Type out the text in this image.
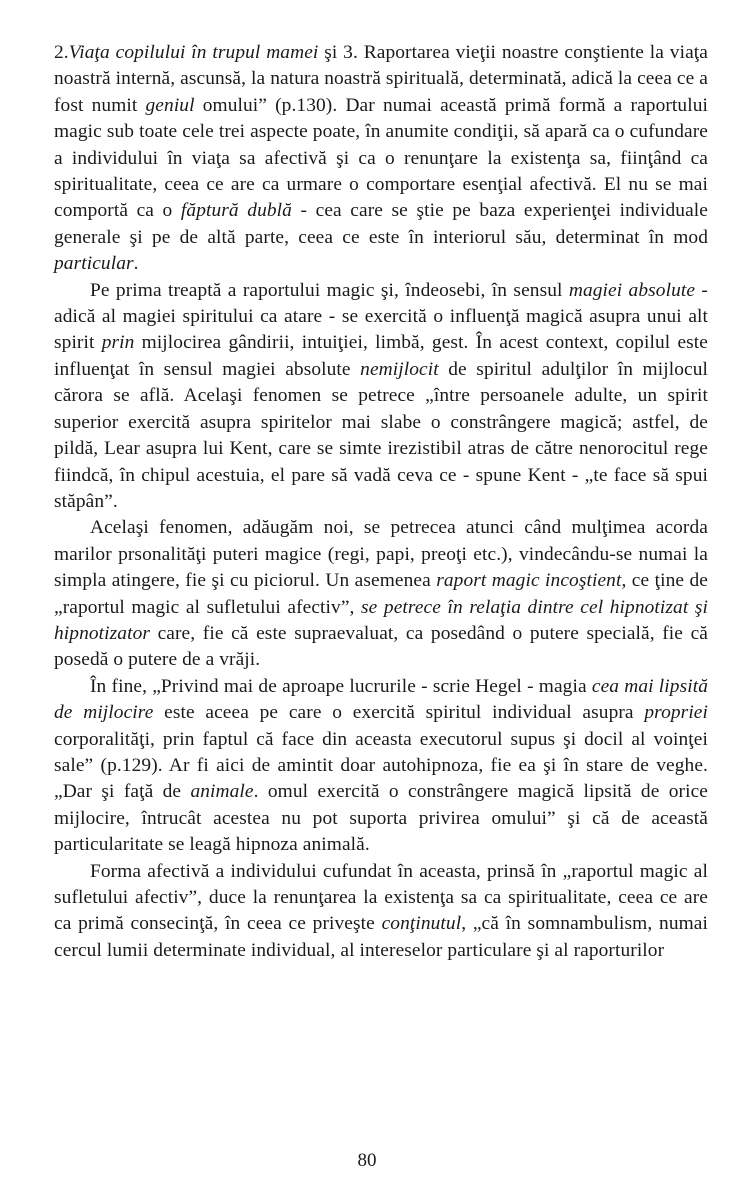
2.Viaţa copilului în trupul mamei şi 3. Raportarea vieţii noastre conştiente la viaţa noastră internă, ascunsă, la natura noastră spirituală, determinată, adică la ceea ce a fost numit geniul omului” (p.130). Dar numai această primă formă a raportului magic sub toate cele trei aspecte poate, în anumite condiţii, să apară ca o cufundare a individului în viaţa sa afectivă şi ca o renunţare la existenţa sa, fiinţând ca spiritualitate, ceea ce are ca urmare o comportare esenţial afectivă. El nu se mai comportă ca o făptură dublă - cea care se ştie pe baza experienţei individuale generale şi pe de altă parte, ceea ce este în interiorul său, determinat în mod particular.

Pe prima treaptă a raportului magic şi, îndeosebi, în sensul magiei absolute - adică al magiei spiritului ca atare - se exercită o influenţă magică asupra unui alt spirit prin mijlocirea gândirii, intuiţiei, limbă, gest. În acest context, copilul este influenţat în sensul magiei absolute nemijlocit de spiritul adulţilor în mijlocul cărora se află. Acelaşi fenomen se petrece „între persoanele adulte, un spirit superior exercită asupra spiritelor mai slabe o constrângere magică; astfel, de pildă, Lear asupra lui Kent, care se simte irezistibil atras de către nenorocitul rege fiindcă, în chipul acestuia, el pare să vadă ceva ce - spune Kent - „te face să spui stăpân”.

Acelaşi fenomen, adăugăm noi, se petrecea atunci când mulţimea acorda marilor prsonalităţi puteri magice (regi, papi, preoţi etc.), vindecându-se numai la simpla atingere, fie şi cu piciorul. Un asemenea raport magic incoştient, ce ţine de „raportul magic al sufletului afectiv”, se petrece în relaţia dintre cel hipnotizat şi hipnotizator care, fie că este supraevaluat, ca posedând o putere specială, fie că posedă o putere de a vrăji.

În fine, „Privind mai de aproape lucrurile - scrie Hegel - magia cea mai lipsită de mijlocire este aceea pe care o exercită spiritul individual asupra propriei corporalităţi, prin faptul că face din aceasta executorul supus şi docil al voinţei sale” (p.129). Ar fi aici de amintit doar autohipnoza, fie ea şi în stare de veghe. „Dar şi faţă de animale. omul exercită o constrângere magică lipsită de orice mijlocire, întrucât acestea nu pot suporta privirea omului” şi că de această particularitate se leagă hipnoza animală.

Forma afectivă a individului cufundat în aceasta, prinsă în „raportul magic al sufletului afectiv”, duce la renunţarea la existenţa sa ca spiritualitate, ceea ce are ca primă consecinţă, în ceea ce priveşte conţinutul, „că în somnambulism, numai cercul lumii determinate individual, al intereselor particulare şi al raporturilor

80
